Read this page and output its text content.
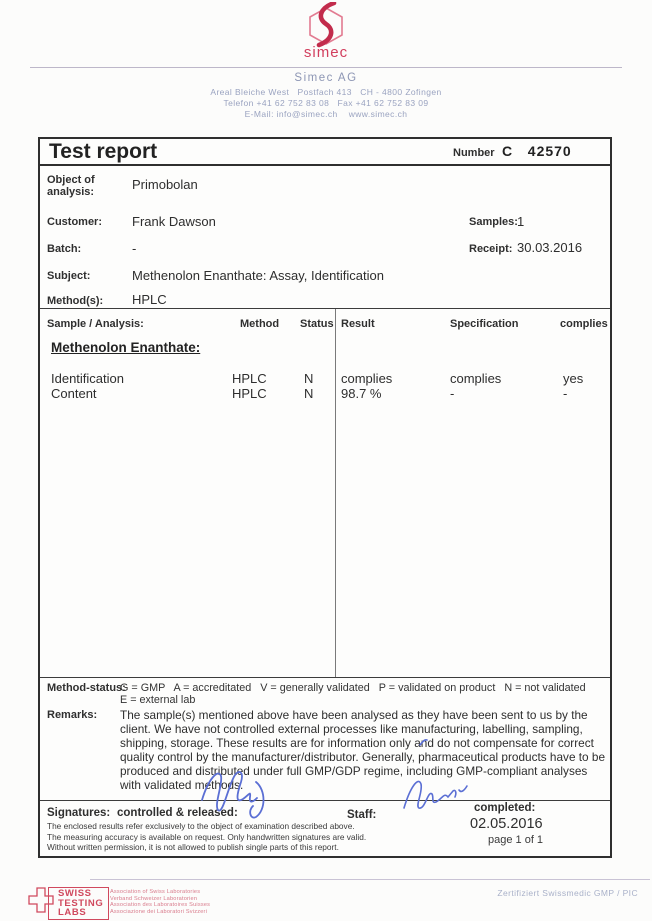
simec
Simec AG
Areal Bleiche West   Postfach 413   CH - 4800 Zofingen
Telefon +41 62 752 83 08   Fax +41 62 752 83 09
E-Mail: info@simec.ch    www.simec.ch
Test report	Number C   42570
Object of analysis:	Primobolan
Customer:	Frank Dawson	Samples: 1
Batch:	-	Receipt: 30.03.2016
Subject:	Methenolon Enanthate: Assay, Identification
Method(s):	HPLC
Sample / Analysis:	Method Status Result	Specification	complies
Methenolon Enanthate:
Identification	HPLC	N complies	complies	yes
Content	HPLC	N 98.7 %	-	-
Method-status:
G = GMP   A = accreditated   V = generally validated   P = validated on product   N = not validated
E = external lab
Remarks: The sample(s) mentioned above have been analysed as they have been sent to us by the client. We have not controlled external processes like manufacturing, labelling, sampling, shipping, storage. These results are for information only and do not compensate for correct quality control by the manufacturer/distributor. Generally, pharmaceutical products have to be produced and distributed under full GMP/GDP regime, including GMP-compliant analyses with validated methods.
Signatures: controlled & released:	Staff:
completed:
The enclosed results refer exclusively to the object of examination described above.
The measuring accuracy is available on request. Only handwritten signatures are valid.
Without written permission, it is not allowed to publish single parts of this report.
02.05.2016
page 1 of 1
SWISS
TESTING
LABS
Association of Swiss Laboratories
Verband Schweizer Laboratorien
Association des Laboratoires Suisses
Associazione dei Laboratori Svizzeri
Zertifiziert Swissmedic GMP / PIC
